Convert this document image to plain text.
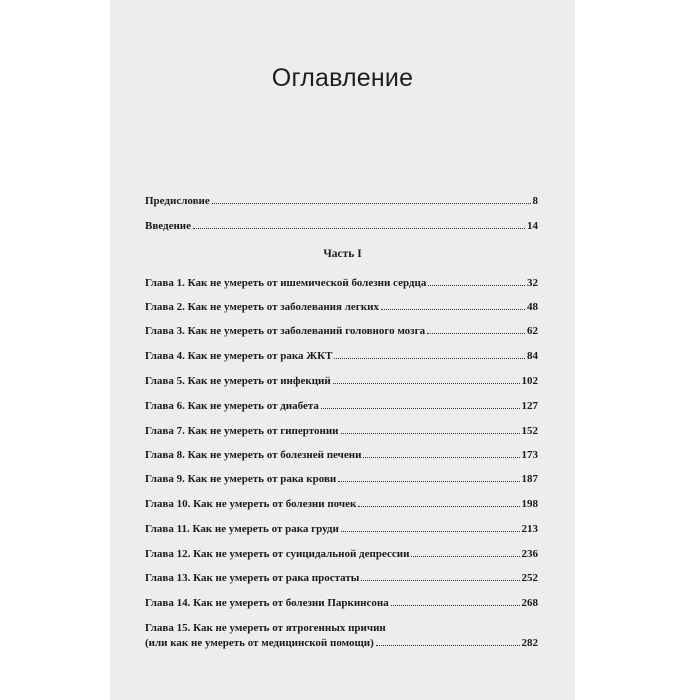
Оглавление
Предисловие	8
Введение	14
Часть I
Глава 1. Как не умереть от ишемической болезни сердца	32
Глава 2. Как не умереть от заболевания легких	48
Глава 3. Как не умереть от заболеваний головного мозга	62
Глава 4. Как не умереть от рака ЖКТ	84
Глава 5. Как не умереть от инфекций	102
Глава 6. Как не умереть от диабета	127
Глава 7. Как не умереть от гипертонии	152
Глава 8. Как не умереть от болезней печени	173
Глава 9. Как не умереть от рака крови	187
Глава 10. Как не умереть от болезни почек	198
Глава 11. Как не умереть от рака груди	213
Глава 12. Как не умереть от суицидальной депрессии	236
Глава 13. Как не умереть от рака простаты	252
Глава 14. Как не умереть от болезни Паркинсона	268
Глава 15. Как не умереть от ятрогенных причин
(или как не умереть от медицинской помощи)	282
